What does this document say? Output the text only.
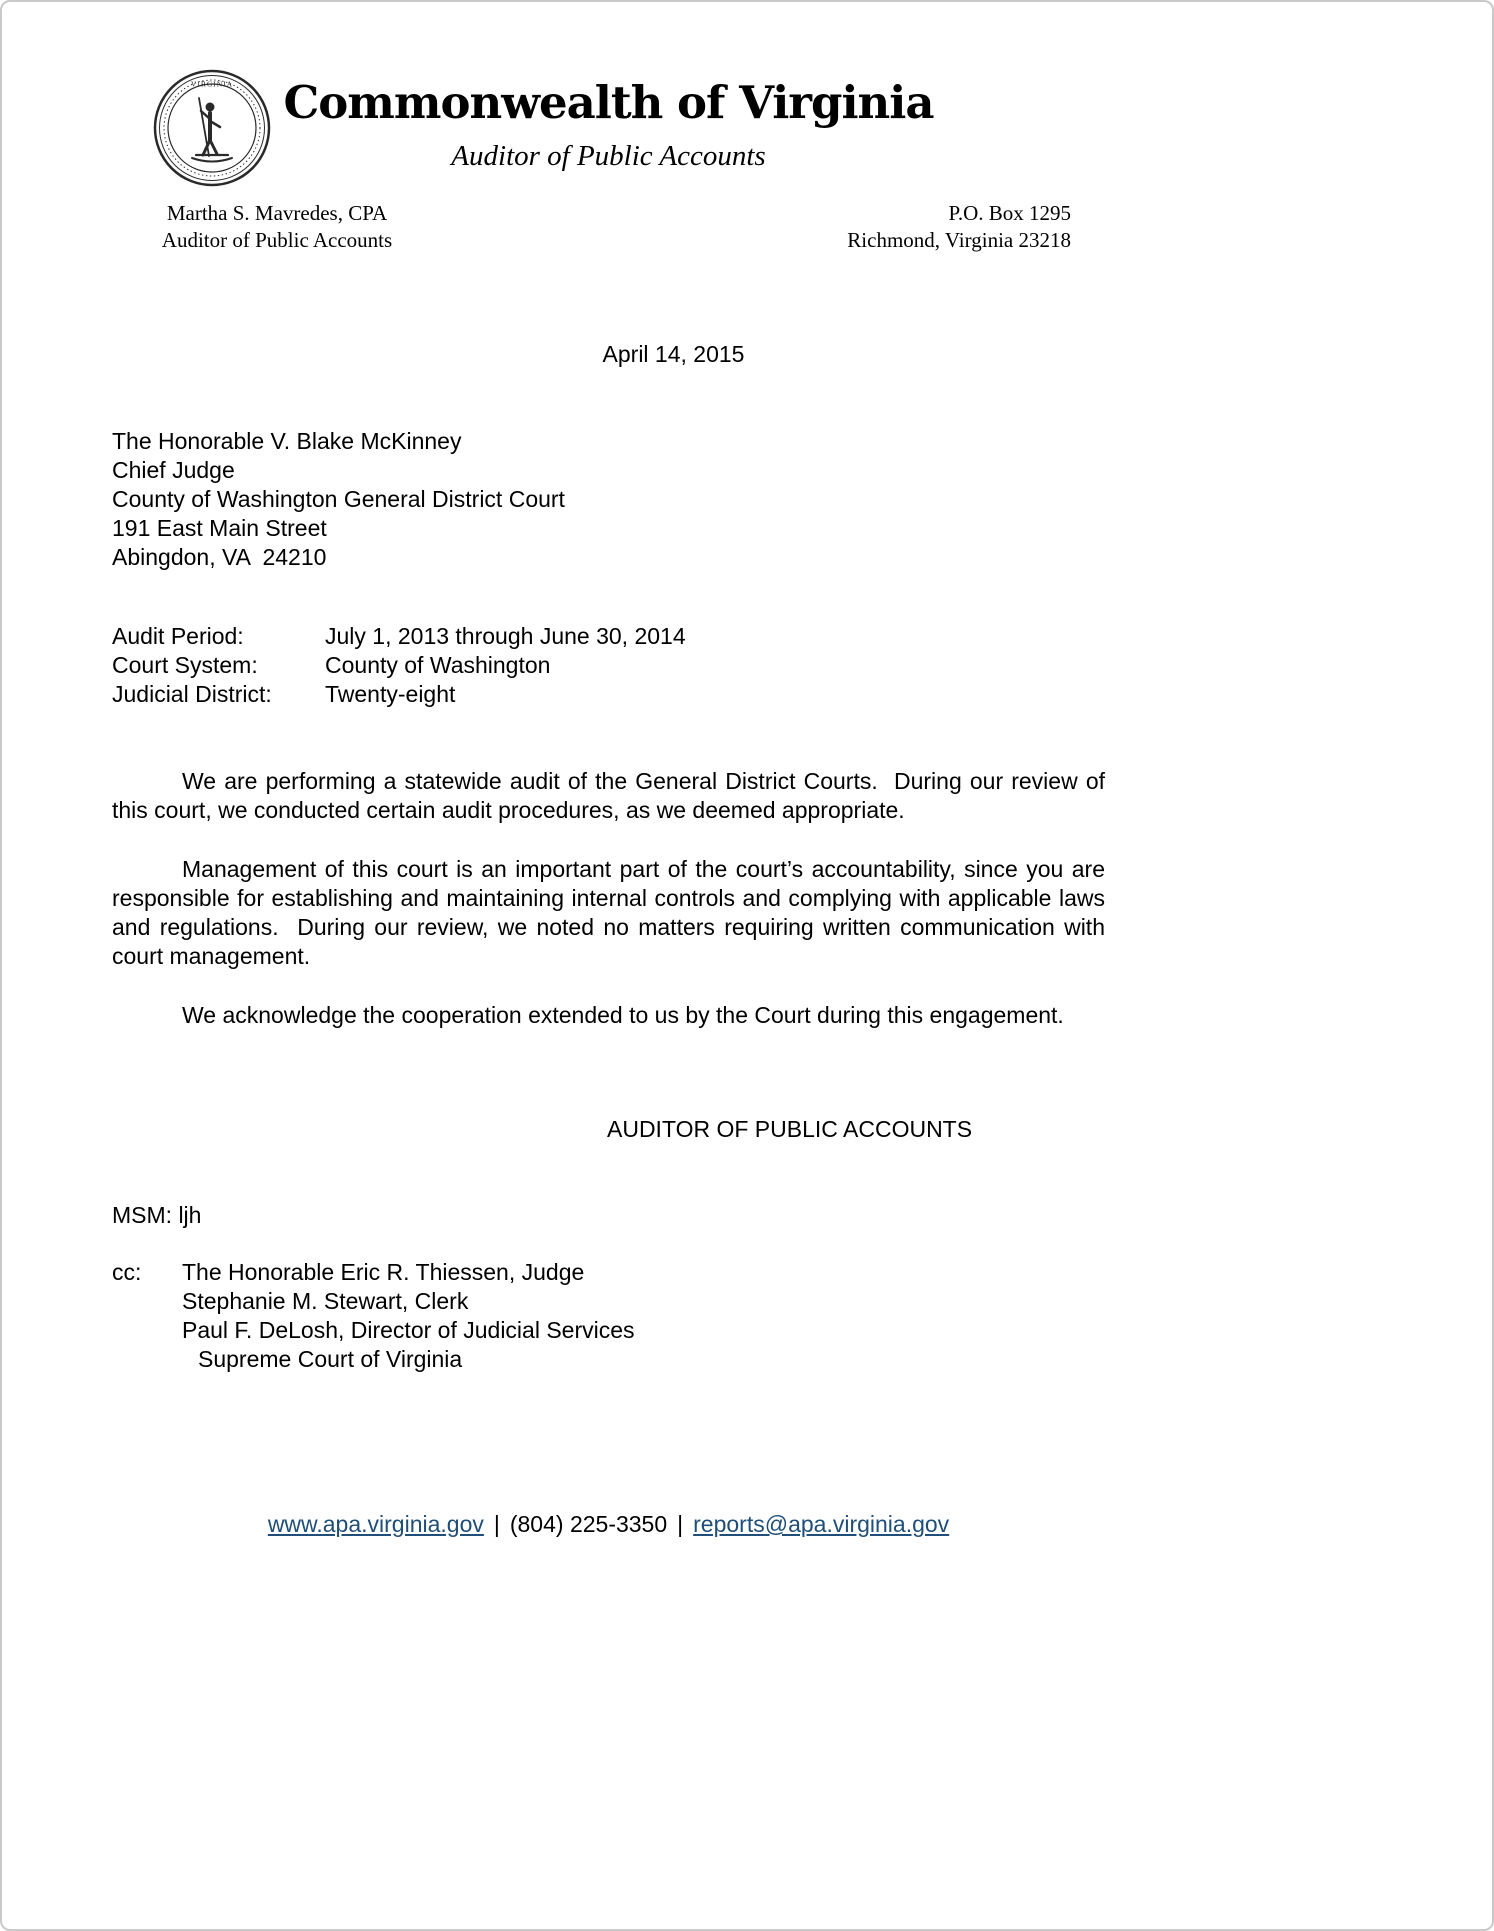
VIRGINIA	Commonwealth of Virginia
Auditor of Public Accounts
Martha S. Mavredes, CPA
Auditor of Public Accounts
P.O. Box 1295
Richmond, Virginia 23218
April 14, 2015
The Honorable V. Blake McKinney
Chief Judge
County of Washington General District Court
191 East Main Street
Abingdon, VA  24210
Audit Period:	July 1, 2013 through June 30, 2014
Court System:	County of Washington
Judicial District:	Twenty-eight

We are performing a statewide audit of the General District Courts.  During our review of this court, we conducted certain audit procedures, as we deemed appropriate.

Management of this court is an important part of the court’s accountability, since you are responsible for establishing and maintaining internal controls and complying with applicable laws and regulations.  During our review, we noted no matters requiring written communication with court management.

We acknowledge the cooperation extended to us by the Court during this engagement.

AUDITOR OF PUBLIC ACCOUNTS
MSM: ljh
cc:	The Honorable Eric R. Thiessen, Judge
Stephanie M. Stewart, Clerk
Paul F. DeLosh, Director of Judicial Services
Supreme Court of Virginia
www.apa.virginia.gov | (804) 225-3350 | reports@apa.virginia.gov
